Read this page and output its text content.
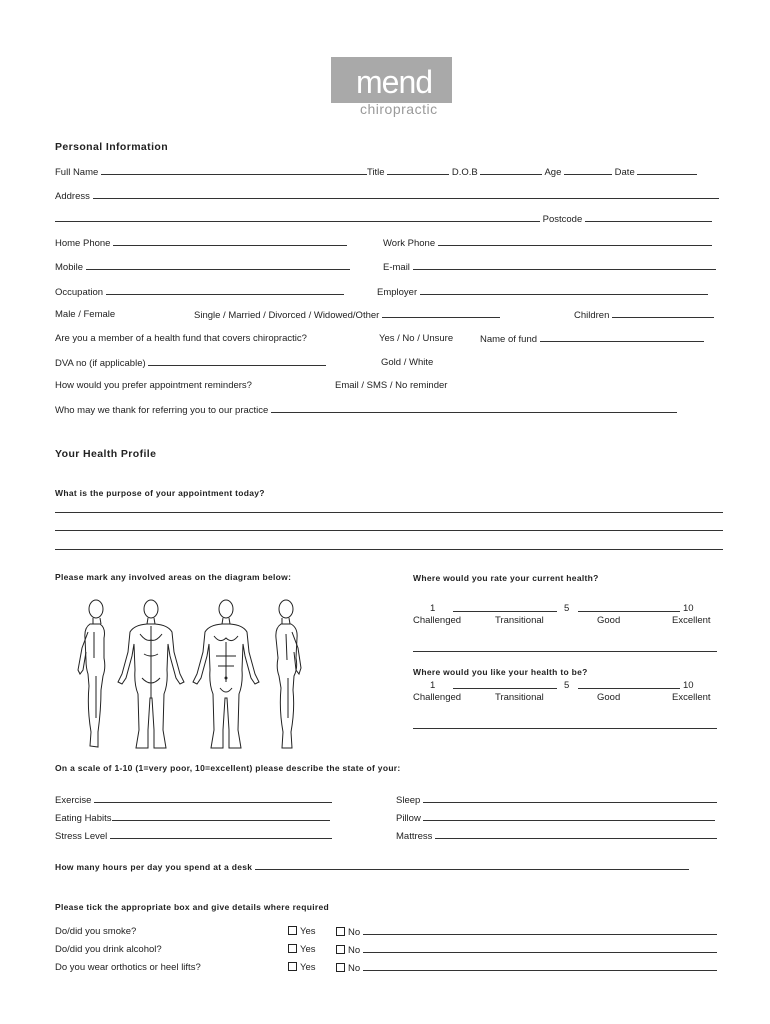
mend
chiropractic
Personal Information
Full Name	Title	D.O.B	Age	Date
Address
Postcode
Home Phone	Work Phone
Mobile	E-mail
Occupation	Employer
Male / Female	Single / Married / Divorced / Widowed/Other	Children
Are you a member of a health fund that covers chiropractic?	Yes / No / Unsure	Name of fund
DVA no (if applicable)	Gold / White
How would you prefer appointment reminders?	Email / SMS / No reminder
Who may we thank for referring you to our practice
Your Health Profile
What is the purpose of your appointment today?
Please mark any involved areas on the diagram below:	Where would you rate your current health?
1	5	10
Challenged	Transitional	Good	Excellent
Where would you like your health to be?
1	5	10
Challenged	Transitional	Good	Excellent
On a scale of 1-10 (1=very poor, 10=excellent) please describe the state of your:
Exercise	Sleep
Eating Habits	Pillow
Stress Level	Mattress
How many hours per day you spend at a desk
Please tick the appropriate box and give details where required
Do/did you smoke?	Yes	No
Do/did you drink alcohol?	Yes	No
Do you wear orthotics or heel lifts?	Yes	No
